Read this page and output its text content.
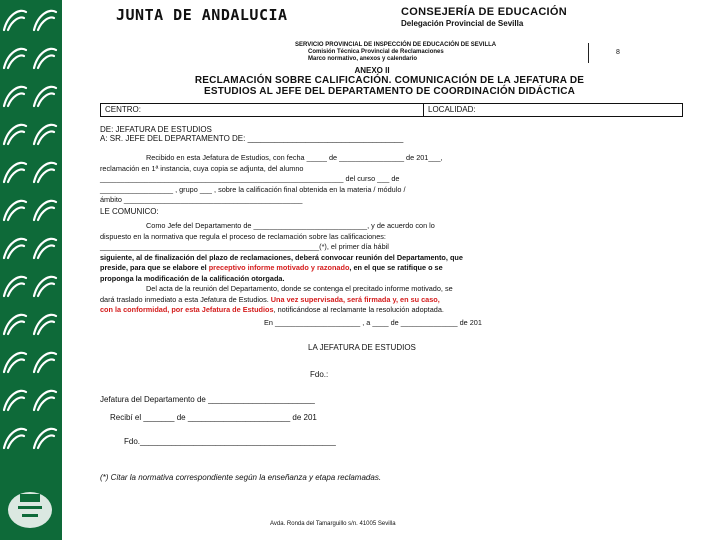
JUNTA DE ANDALUCIA	CONSEJERÍA DE EDUCACIÓN
Delegación Provincial de Sevilla
SERVICIO PROVINCIAL DE INSPECCIÓN DE EDUCACIÓN DE SEVILLA
Comisión Técnica Provincial de Reclamaciones
Marco normativo, anexos y calendario
8
ANEXO II
RECLAMACIÓN SOBRE CALIFICACIÓN. COMUNICACIÓN DE LA JEFATURA DE
ESTUDIOS AL JEFE DEL DEPARTAMENTO DE COORDINACIÓN DIDÁCTICA
CENTRO:	LOCALIDAD:
DE: JEFATURA DE ESTUDIOS
A: SR. JEFE DEL DEPARTAMENTO DE: ___________________________________
Recibido en esta Jefatura de Estudios, con fecha _____ de ________________ de 201___,
reclamación en 1ª instancia, cuya copia se adjunta, del alumno
____________________________________________________________ del curso ___ de
__________________ , grupo ___ , sobre la calificación final obtenida en la materia / módulo /
ámbito ____________________________________________
LE COMUNICO:
Como Jefe del Departamento de ____________________________, y de acuerdo con lo
dispuesto en la normativa que regula el proceso de reclamación sobre las calificaciones:
______________________________________________________(*), el primer día hábil
siguiente, al de finalización del plazo de reclamaciones, deberá convocar reunión del Departamento, que
preside, para que se elabore el preceptivo informe motivado y razonado, en el que se ratifique o se
proponga la modificación de la calificación otorgada.
Del acta de la reunión del Departamento, donde se contenga el precitado informe motivado, se
dará traslado inmediato a esta Jefatura de Estudios. Una vez supervisada, será firmada y, en su caso,
con la conformidad, por esta Jefatura de Estudios, notificándose al reclamante la resolución adoptada.
En _____________________ , a ____ de ______________ de 201
LA JEFATURA DE ESTUDIOS
Fdo.:
Jefatura del Departamento de ________________________
Recibí el _______ de _______________________ de 201
Fdo.____________________________________________
(*) Citar la normativa correspondiente según la enseñanza y etapa reclamadas.
Avda. Ronda del Tamarguillo s/n. 41005 Sevilla
